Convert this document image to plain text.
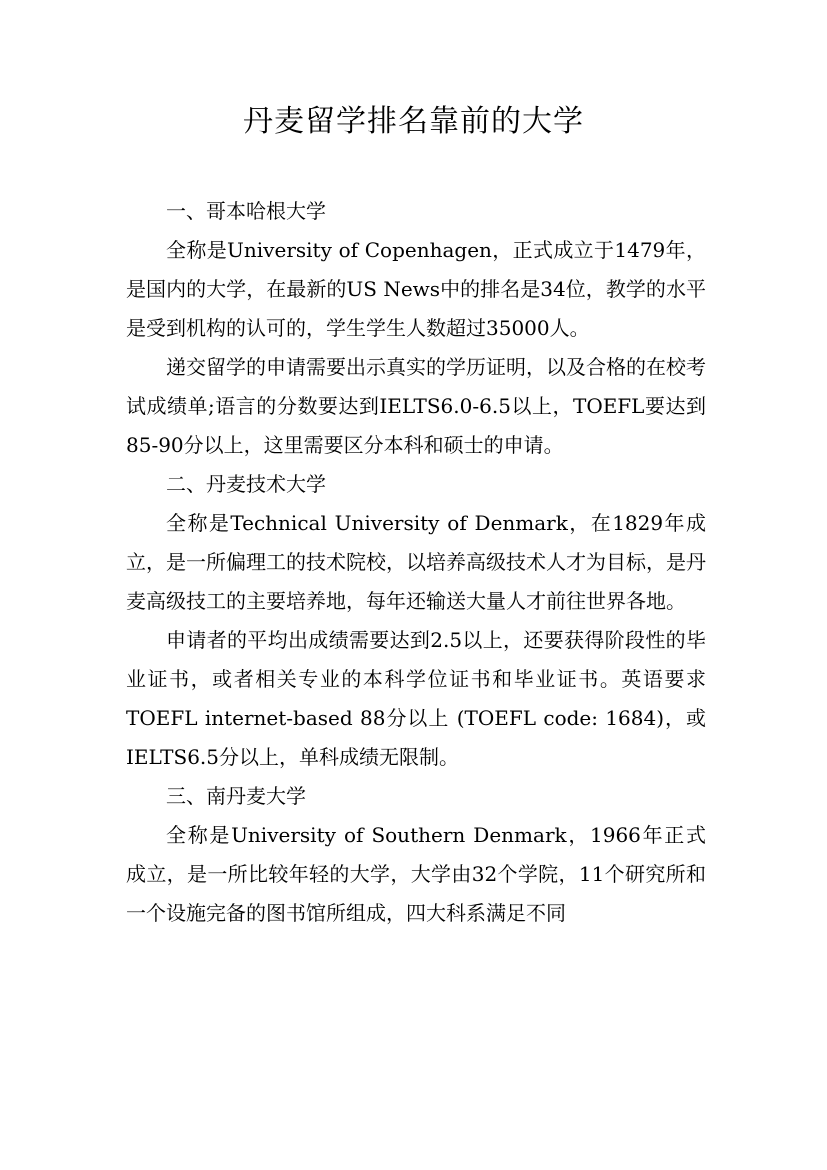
丹麦留学排名靠前的大学

一、哥本哈根大学

全称是University of Copenhagen，正式成立于1479年，是国内的大学，在最新的US News中的排名是34位，教学的水平是受到机构的认可的，学生学生人数超过35000人。

递交留学的申请需要出示真实的学历证明，以及合格的在校考试成绩单;语言的分数要达到IELTS6.0-6.5以上，TOEFL要达到85-90分以上，这里需要区分本科和硕士的申请。

二、丹麦技术大学

全称是Technical University of Denmark，在1829年成立，是一所偏理工的技术院校，以培养高级技术人才为目标，是丹麦高级技工的主要培养地，每年还输送大量人才前往世界各地。

申请者的平均出成绩需要达到2.5以上，还要获得阶段性的毕业证书，或者相关专业的本科学位证书和毕业证书。英语要求TOEFL internet-based 88分以上 (TOEFL code: 1684)，或IELTS6.5分以上，单科成绩无限制。

三、南丹麦大学

全称是University of Southern Denmark，1966年正式成立，是一所比较年轻的大学，大学由32个学院，11个研究所和一个设施完备的图书馆所组成，四大科系满足不同
